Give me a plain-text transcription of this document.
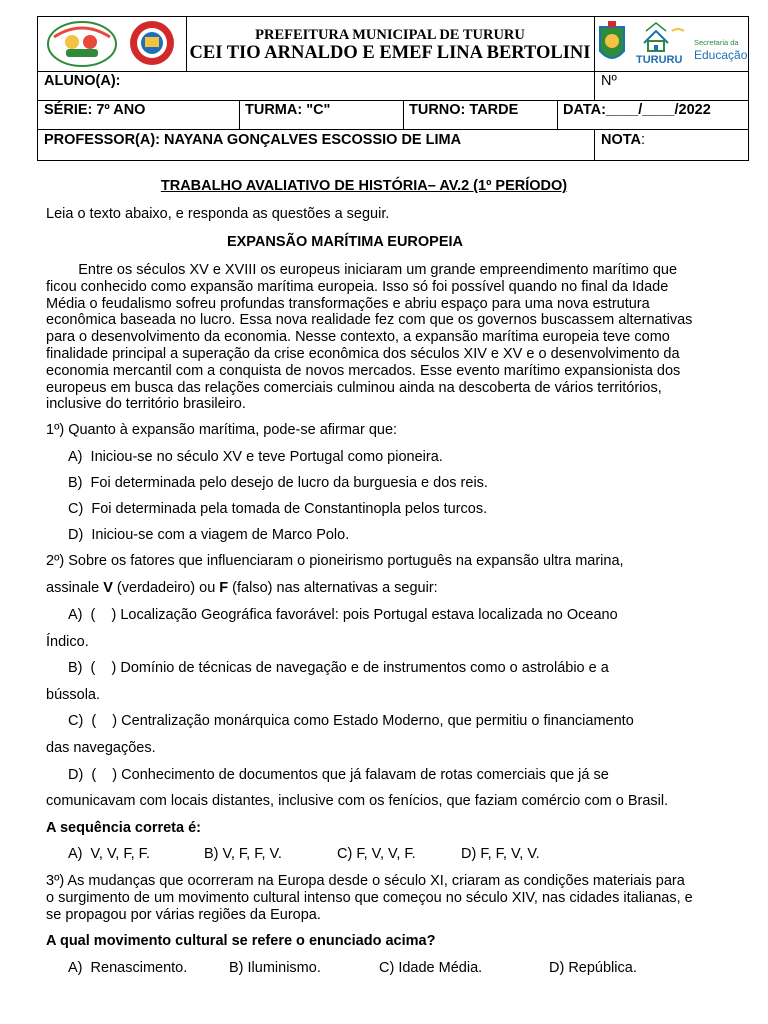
PREFEITURA MUNICIPAL DE TURURU
CEI TIO ARNALDO E EMEF LINA BERTOLINI	TURURU
Secretaria da
Educação
ALUNO(A):	Nº
SÉRIE: 7º ANO	TURMA: "C"	TURNO: TARDE	DATA:____/____/2022
PROFESSOR(A): NAYANA GONÇALVES ESCOSSIO DE LIMA	NOTA:
TRABALHO AVALIATIVO DE HISTÓRIA– AV.2 (1º PERÍODO)
Leia o texto abaixo, e responda as questões a seguir.
EXPANSÃO MARÍTIMA EUROPEIA
Entre os séculos XV e XVIII os europeus iniciaram um grande empreendimento marítimo que
ficou conhecido como expansão marítima europeia. Isso só foi possível quando no final da Idade
Média o feudalismo sofreu profundas transformações e abriu espaço para uma nova estrutura
econômica baseada no lucro. Essa nova realidade fez com que os governos buscassem alternativas
para o desenvolvimento da economia. Nesse contexto, a expansão marítima europeia teve como
finalidade principal a superação da crise econômica dos séculos XIV e XV e o desenvolvimento da
economia mercantil com a conquista de novos mercados. Esse evento marítimo expansionista dos
europeus em busca das relações comerciais culminou ainda na descoberta de vários territórios,
inclusive do território brasileiro.
1º) Quanto à expansão marítima, pode-se afirmar que:
A)  Iniciou-se no século XV e teve Portugal como pioneira.
B)  Foi determinada pelo desejo de lucro da burguesia e dos reis.
C)  Foi determinada pela tomada de Constantinopla pelos turcos.
D)  Iniciou-se com a viagem de Marco Polo.
2º) Sobre os fatores que influenciaram o pioneirismo português na expansão ultra marina,
assinale V (verdadeiro) ou F (falso) nas alternativas a seguir:
A)  (    ) Localização Geográfica favorável: pois Portugal estava localizada no Oceano
Índico.
B)  (    ) Domínio de técnicas de navegação e de instrumentos como o astrolábio e a
bússola.
C)  (    ) Centralização monárquica como Estado Moderno, que permitiu o financiamento
das navegações.
D)  (    ) Conhecimento de documentos que já falavam de rotas comerciais que já se
comunicavam com locais distantes, inclusive com os fenícios, que faziam comércio com o Brasil.
A sequência correta é:
A)  V, V, F, F.	B) V, F, F, V.	C) F, V, V, F.	D) F, F, V, V.
3º) As mudanças que ocorreram na Europa desde o século XI, criaram as condições materiais para
o surgimento de um movimento cultural intenso que começou no século XIV, nas cidades italianas, e
se propagou por várias regiões da Europa.
A qual movimento cultural se refere o enunciado acima?
A)  Renascimento.	B) Iluminismo.	C) Idade Média.	D) República.
